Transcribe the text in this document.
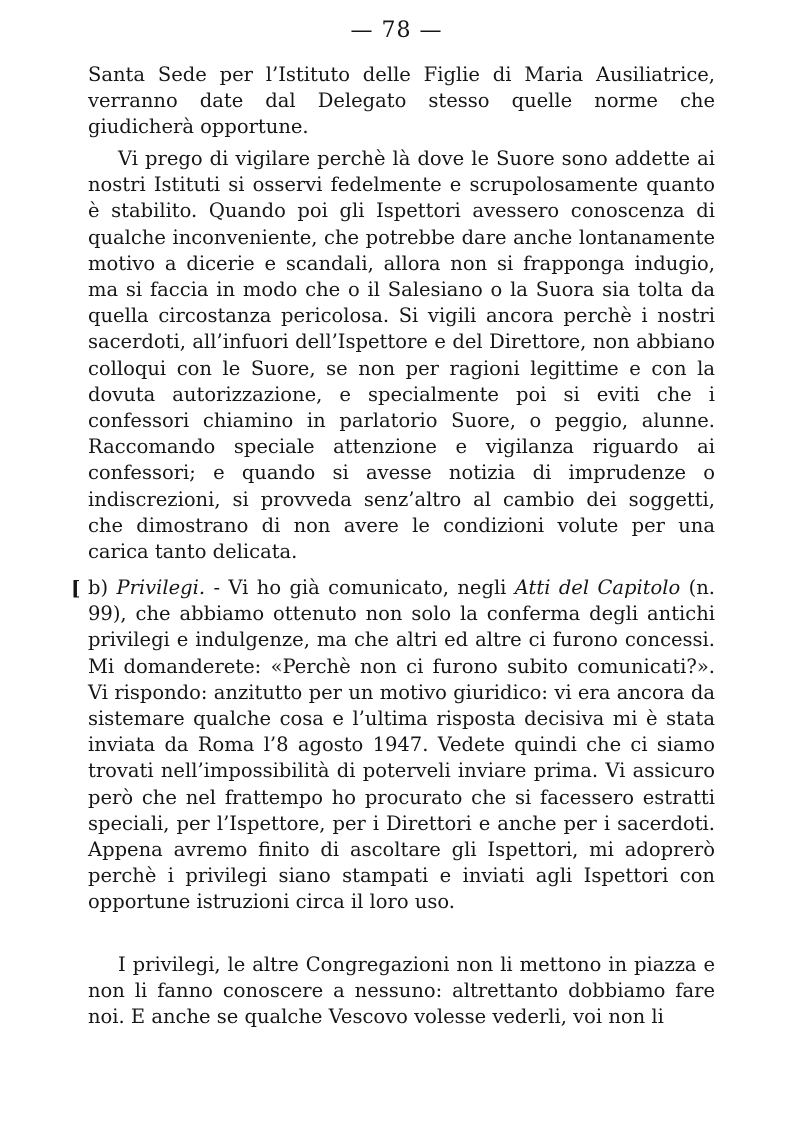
— 78 —

Santa Sede per l’Istituto delle Figlie di Maria Ausiliatrice, verranno date dal Delegato stesso quelle norme che giudicherà opportune.

Vi prego di vigilare perchè là dove le Suore sono addette ai nostri Istituti si osservi fedelmente e scrupolosamente quanto è stabilito. Quando poi gli Ispettori avessero conoscenza di qualche inconveniente, che potrebbe dare anche lontanamente motivo a dicerie e scandali, allora non si frapponga indugio, ma si faccia in modo che o il Salesiano o la Suora sia tolta da quella circostanza pericolosa. Si vigili ancora perchè i nostri sacerdoti, all’infuori dell’Ispettore e del Direttore, non abbiano colloqui con le Suore, se non per ragioni legittime e con la dovuta autorizzazione, e specialmente poi si eviti che i confessori chiamino in parlatorio Suore, o peggio, alunne. Raccomando speciale attenzione e vigilanza riguardo ai confessori; e quando si avesse notizia di imprudenze o indiscrezioni, si provveda senz’altro al cambio dei soggetti, che dimostrano di non avere le condizioni volute per una carica tanto delicata.

[ b) Privilegi. - Vi ho già comunicato, negli Atti del Capitolo (n. 99), che abbiamo ottenuto non solo la conferma degli antichi privilegi e indulgenze, ma che altri ed altre ci furono concessi. Mi domanderete: «Perchè non ci furono subito comunicati?». Vi rispondo: anzitutto per un motivo giuridico: vi era ancora da sistemare qualche cosa e l’ultima risposta decisiva mi è stata inviata da Roma l’8 agosto 1947. Vedete quindi che ci siamo trovati nell’impossibilità di poterveli inviare prima. Vi assicuro però che nel frattempo ho procurato che si facessero estratti speciali, per l’Ispettore, per i Direttori e anche per i sacerdoti. Appena avremo finito di ascoltare gli Ispettori, mi adoprerò perchè i privilegi siano stampati e inviati agli Ispettori con opportune istruzioni circa il loro uso.

I privilegi, le altre Congregazioni non li mettono in piazza e non li fanno conoscere a nessuno: altrettanto dobbiamo fare noi. E anche se qualche Vescovo volesse vederli, voi non li
